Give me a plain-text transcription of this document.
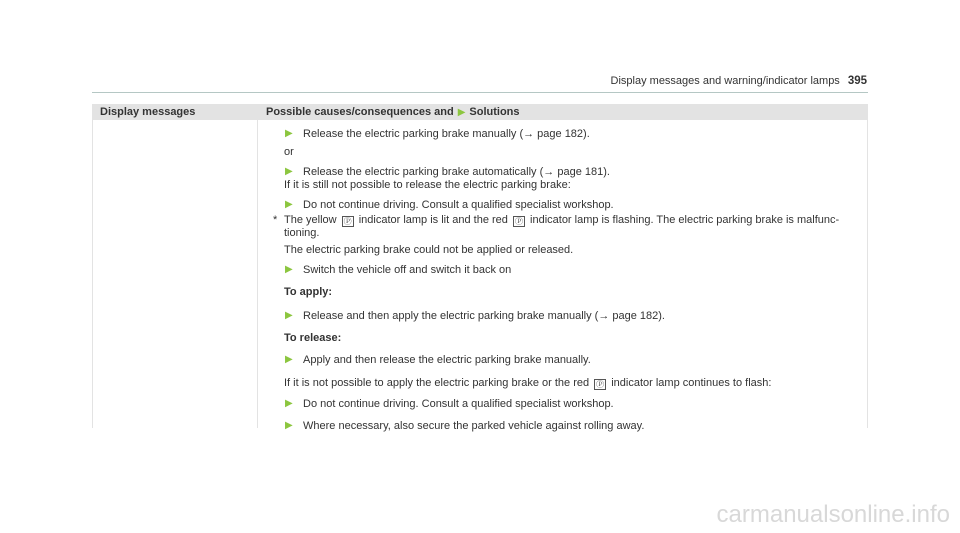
Display messages and warning/indicator lamps 395
Display messages	Possible causes/consequences and ▶ Solutions
▶ Release the electric parking brake manually (→ page 182).
or
▶ Release the electric parking brake automatically (→ page 181).
If it is still not possible to release the electric parking brake:
▶ Do not continue driving. Consult a qualified specialist workshop.
* The yellow Ⓟ indicator lamp is lit and the red Ⓟ indicator lamp is flashing. The electric parking brake is malfunc-
tioning.
The electric parking brake could not be applied or released.
▶ Switch the vehicle off and switch it back on
To apply:
▶ Release and then apply the electric parking brake manually (→ page 182).
To release:
▶ Apply and then release the electric parking brake manually.
If it is not possible to apply the electric parking brake or the red Ⓟ indicator lamp continues to flash:
▶ Do not continue driving. Consult a qualified specialist workshop.
▶ Where necessary, also secure the parked vehicle against rolling away.
carmanualsonline.info
